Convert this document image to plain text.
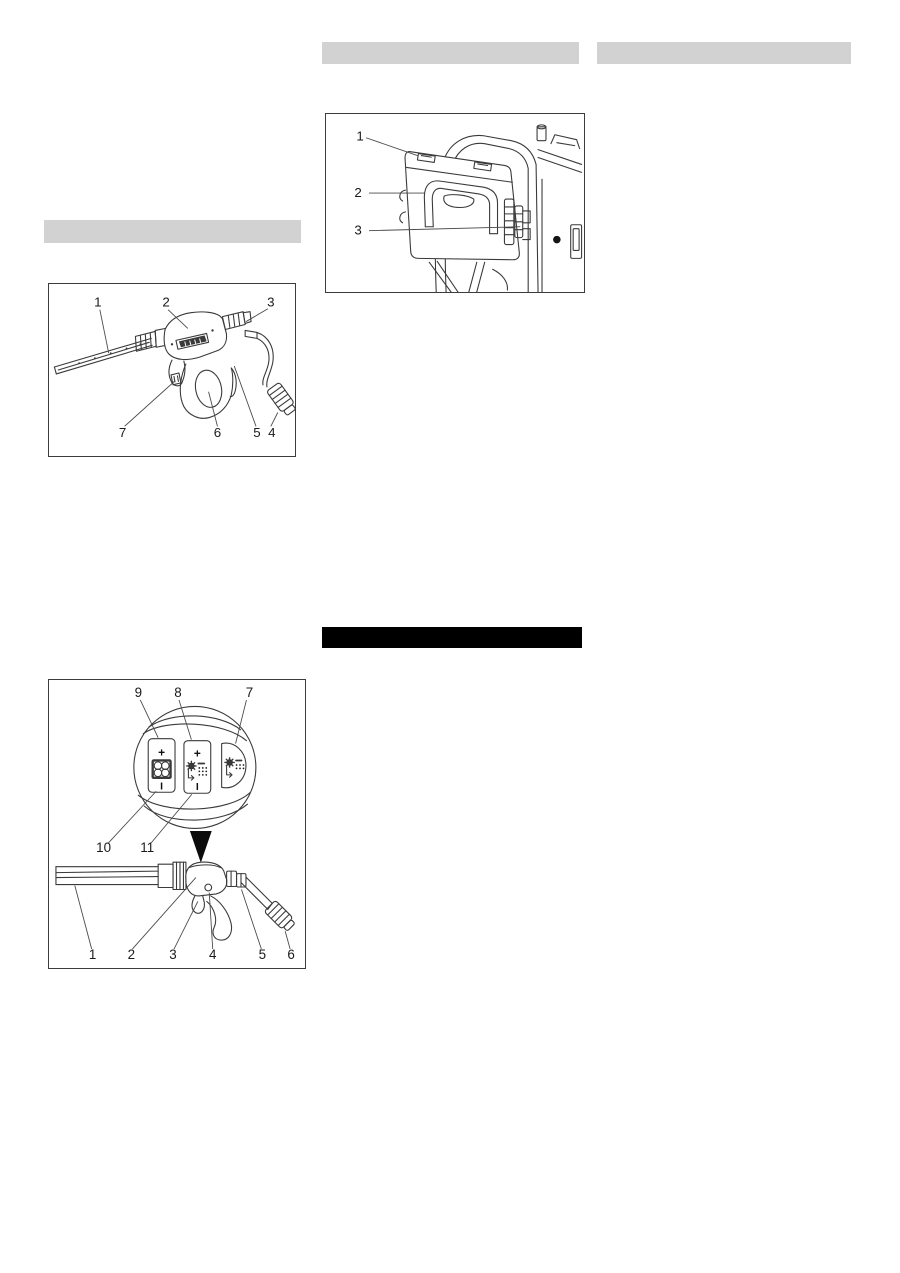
1	2	3
7	6 5 4
1
2
3
+
I
+
I
9 8	7
10 11
1 2	3 4	5 6
